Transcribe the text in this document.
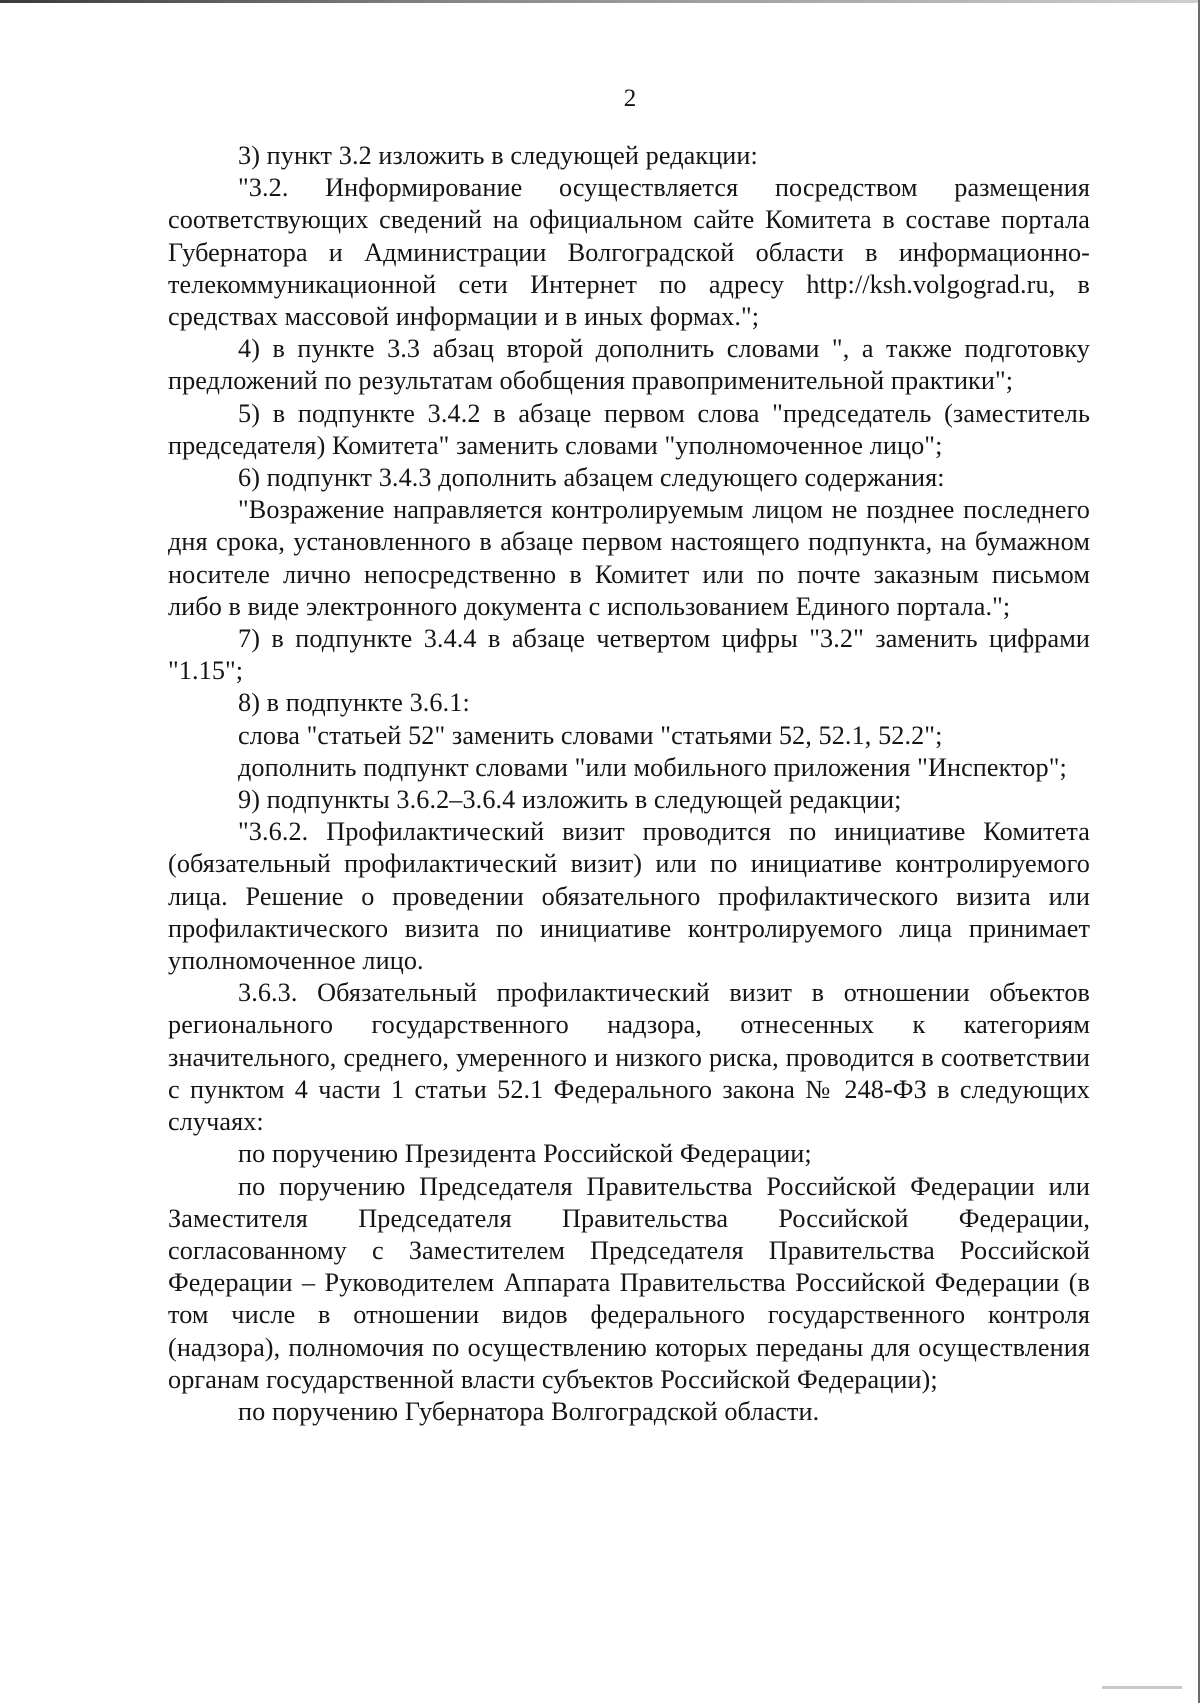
2

3) пункт 3.2 изложить в следующей редакции:

"3.2. Информирование осуществляется посредством размещения соответствующих сведений на официальном сайте Комитета в составе портала Губернатора и Администрации Волгоградской области в информационно-телекоммуникационной сети Интернет по адресу http://ksh.volgograd.ru, в средствах массовой информации и в иных формах.";

4) в пункте 3.3 абзац второй дополнить словами ", а также подготовку предложений по результатам обобщения правоприменительной практики";

5) в подпункте 3.4.2 в абзаце первом слова "председатель (заместитель председателя) Комитета" заменить словами "уполномоченное лицо";

6) подпункт 3.4.3 дополнить абзацем следующего содержания:

"Возражение направляется контролируемым лицом не позднее последнего дня срока, установленного в абзаце первом настоящего подпункта, на бумажном носителе лично непосредственно в Комитет или по почте заказным письмом либо в виде электронного документа с использованием Единого портала.";

7) в подпункте 3.4.4 в абзаце четвертом цифры "3.2" заменить цифрами "1.15";

8) в подпункте 3.6.1:

слова "статьей 52" заменить словами "статьями 52, 52.1, 52.2";

дополнить подпункт словами "или мобильного приложения "Инспектор";

9) подпункты 3.6.2–3.6.4 изложить в следующей редакции;

"3.6.2. Профилактический визит проводится по инициативе Комитета (обязательный профилактический визит) или по инициативе контролируемого лица. Решение о проведении обязательного профилактического визита или профилактического визита по инициативе контролируемого лица принимает уполномоченное лицо.

3.6.3. Обязательный профилактический визит в отношении объектов регионального государственного надзора, отнесенных к категориям значительного, среднего, умеренного и низкого риска, проводится в соответствии с пунктом 4 части 1 статьи 52.1 Федерального закона № 248-ФЗ в следующих случаях:

по поручению Президента Российской Федерации;

по поручению Председателя Правительства Российской Федерации или Заместителя Председателя Правительства Российской Федерации, согласованному с Заместителем Председателя Правительства Российской Федерации – Руководителем Аппарата Правительства Российской Федерации (в том числе в отношении видов федерального государственного контроля (надзора), полномочия по осуществлению которых переданы для осуществления органам государственной власти субъектов Российской Федерации);

по поручению Губернатора Волгоградской области.
